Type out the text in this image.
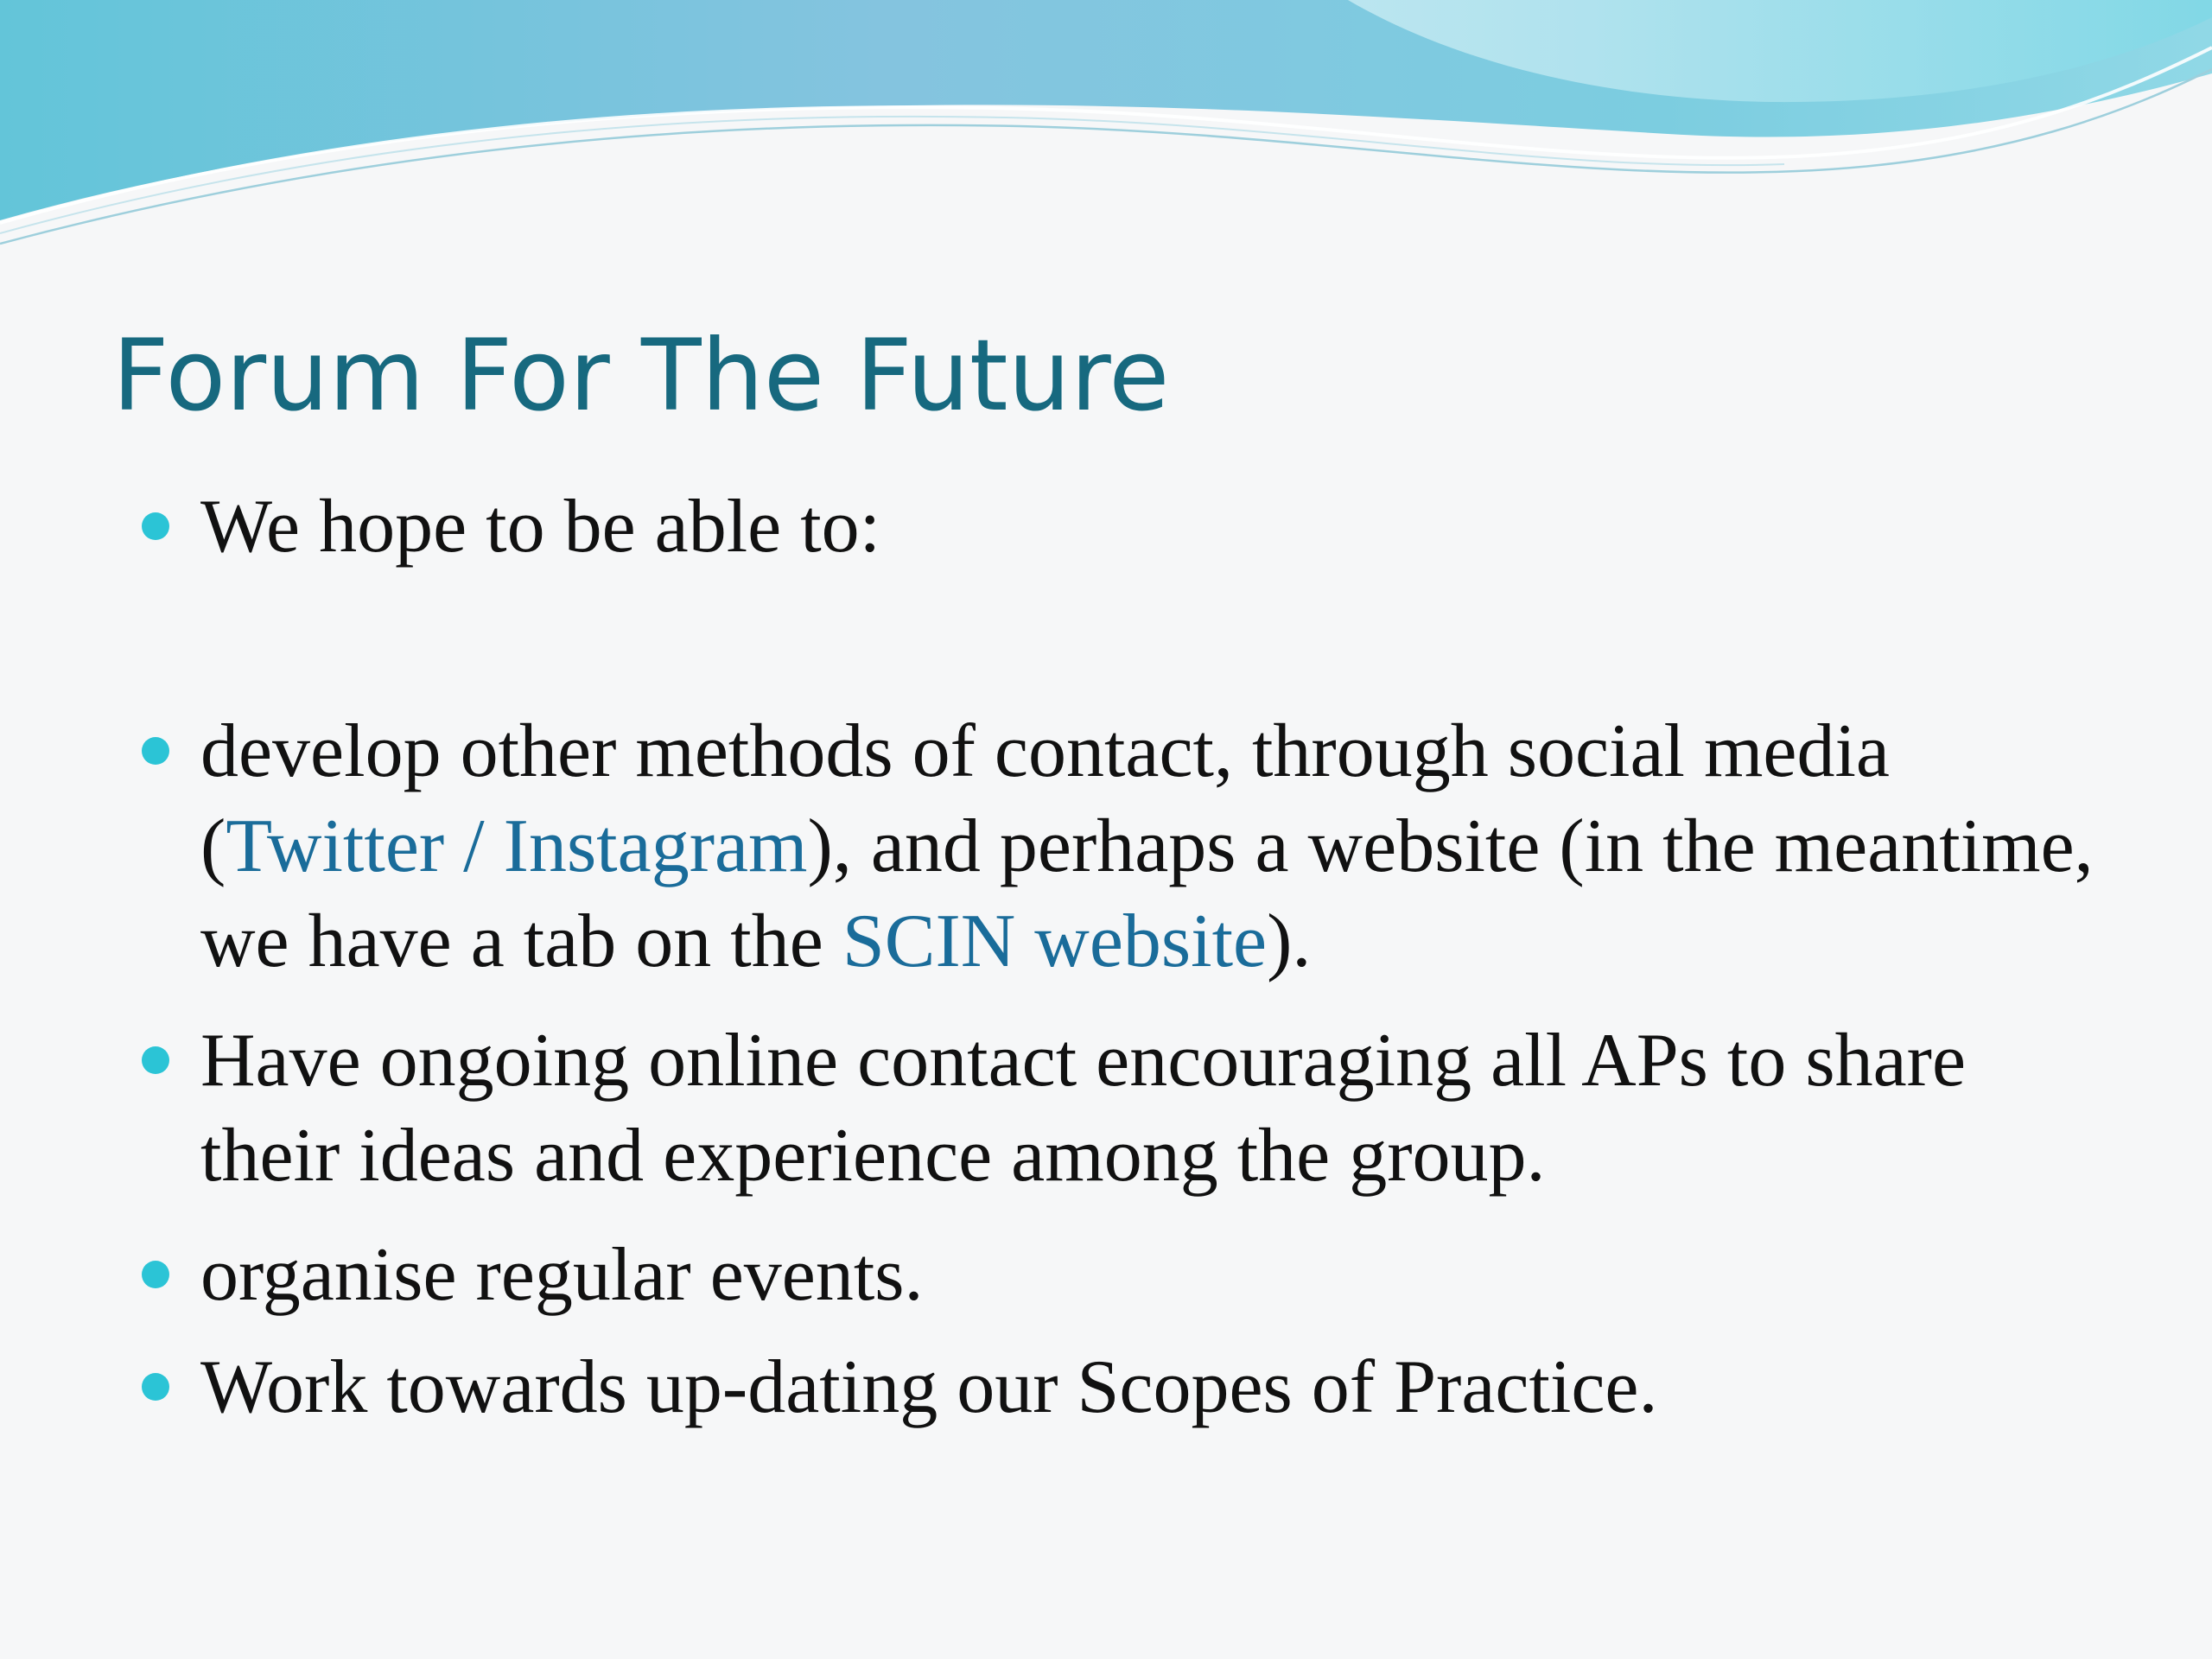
Forum For The Future
We hope to be able to:
develop other methods of contact, through social media (Twitter / Instagram), and perhaps a website (in the meantime, we have a tab on the SCIN website).
Have ongoing online contact encouraging all APs to share their ideas and experience among the group.
organise regular events.
Work towards up-dating our Scopes of Practice.
